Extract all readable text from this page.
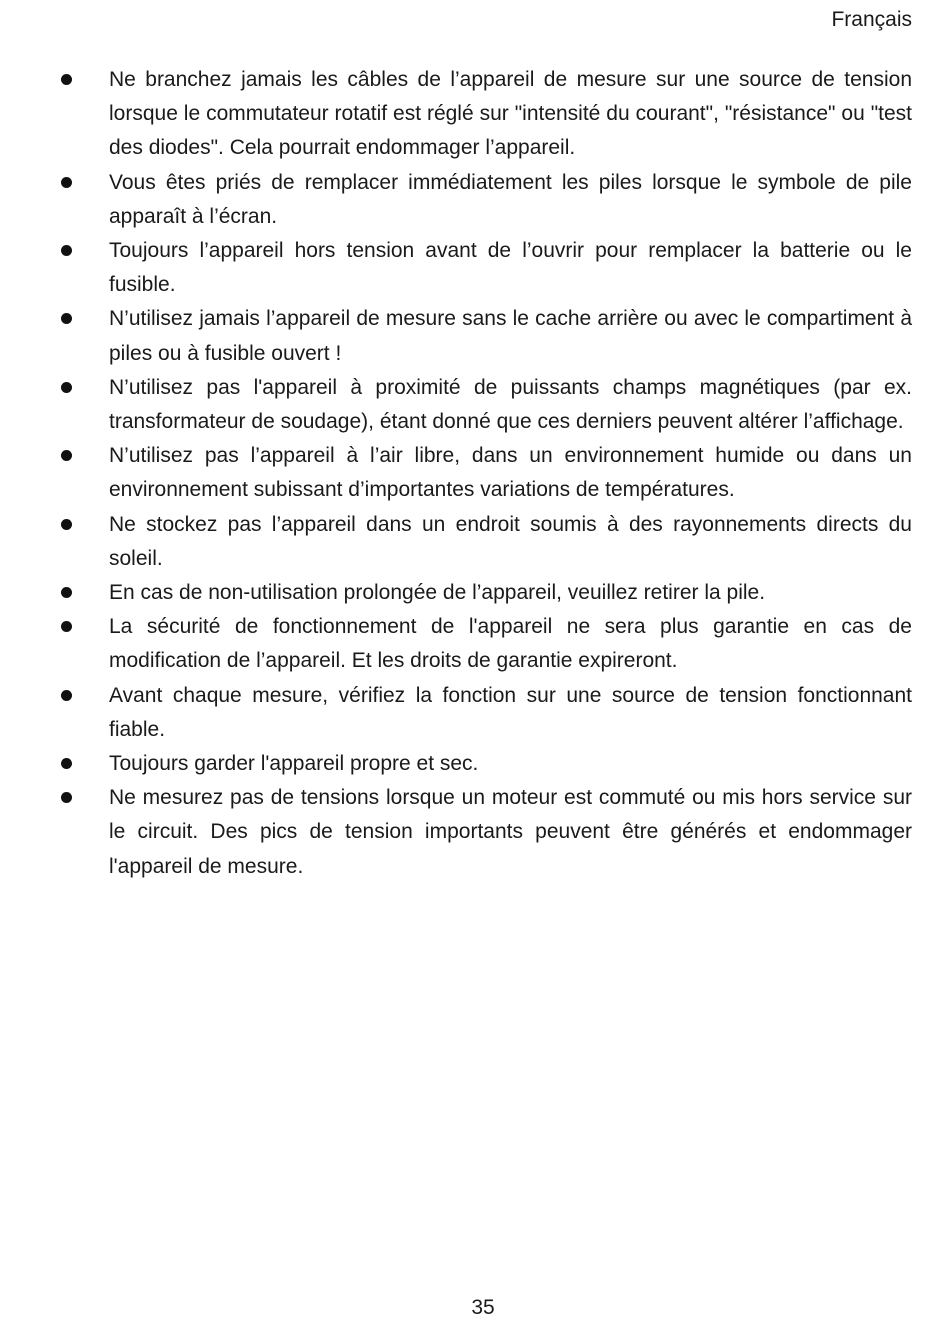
Français
Ne branchez jamais les câbles de l’appareil de mesure sur une source de tension lorsque le commutateur rotatif est réglé sur "intensité du courant", "résistance" ou "test des diodes". Cela pourrait endommager l’appareil.
Vous êtes priés de remplacer immédiatement les piles lorsque le symbole de pile apparaît à l’écran.
Toujours l’appareil hors tension avant de l’ouvrir pour remplacer la batterie ou le fusible.
N’utilisez jamais l’appareil de mesure sans le cache arrière ou avec le compartiment à piles ou à fusible ouvert !
N’utilisez pas l'appareil à proximité de puissants champs magnétiques (par ex. transformateur de soudage), étant donné que ces derniers peuvent altérer l’affichage.
N’utilisez pas l’appareil à l’air libre, dans un environnement humide ou dans un environnement subissant d’importantes variations de températures.
Ne stockez pas l’appareil dans un endroit soumis à des rayonnements directs du soleil.
En cas de non-utilisation prolongée de l’appareil, veuillez retirer la pile.
La sécurité de fonctionnement de l'appareil ne sera plus garantie en cas de modification de l’appareil. Et les droits de garantie expireront.
Avant chaque mesure, vérifiez la fonction sur une source de tension fonctionnant fiable.
Toujours garder l'appareil propre et sec.
Ne mesurez pas de tensions lorsque un moteur est commuté ou mis hors service sur le circuit. Des pics de tension importants peuvent être générés et endommager l'appareil de mesure.
35
